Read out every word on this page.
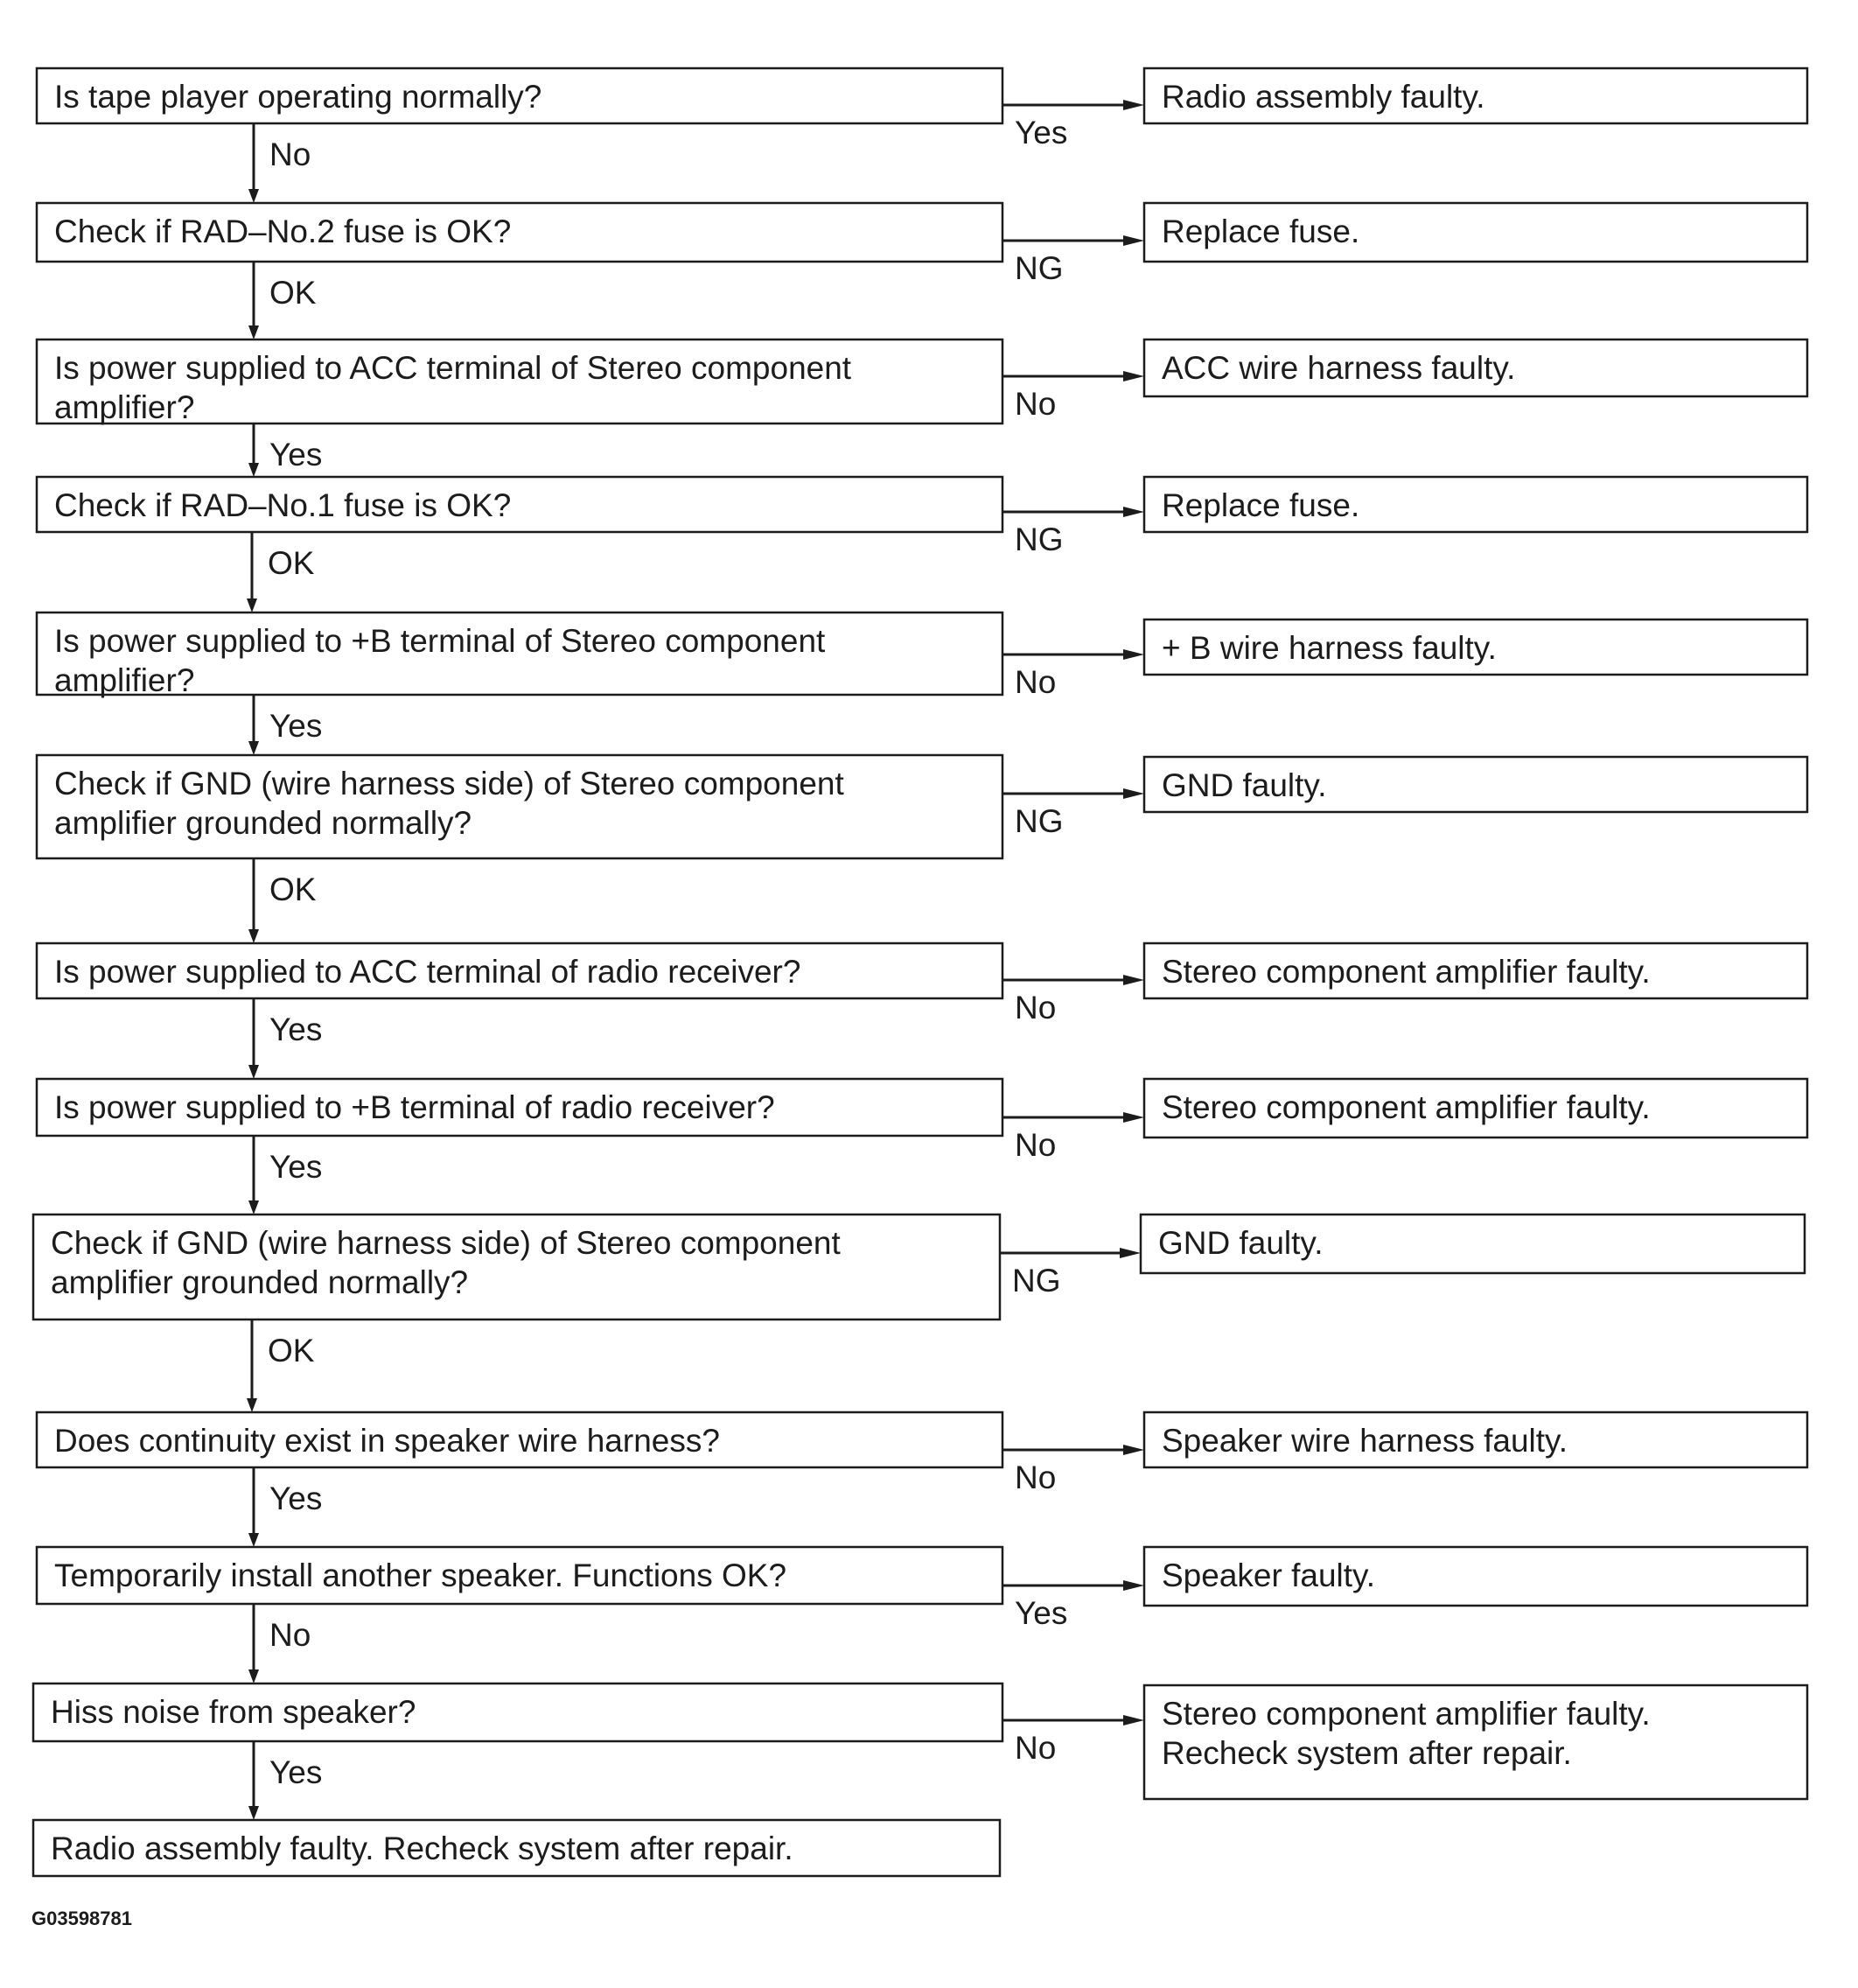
No
Yes
OK
NG
Yes
No
OK
NG
Yes
No
OK
NG
Yes
No
Yes
No
OK
NG
Yes
No
No
Yes
Yes
No
Is tape player operating normally?	Radio assembly faulty.
Check if RAD–No.2 fuse is OK?	Replace fuse.
Is power supplied to ACC terminal of Stereo component
amplifier?
ACC wire harness faulty.
Check if RAD–No.1 fuse is OK?	Replace fuse.
Is power supplied to +B terminal of Stereo component
amplifier?
+ B wire harness faulty.
Check if GND (wire harness side) of Stereo component
amplifier grounded normally?
GND faulty.
Is power supplied to ACC terminal of radio receiver?	Stereo component amplifier faulty.
Is power supplied to +B terminal of radio receiver?	Stereo component amplifier faulty.
Check if GND (wire harness side) of Stereo component
amplifier grounded normally?
GND faulty.
Does continuity exist in speaker wire harness?	Speaker wire harness faulty.
Temporarily install another speaker. Functions OK?	Speaker faulty.
Hiss noise from speaker?	Stereo component amplifier faulty.
Recheck system after repair.
Radio assembly faulty. Recheck system after repair.
G03598781
